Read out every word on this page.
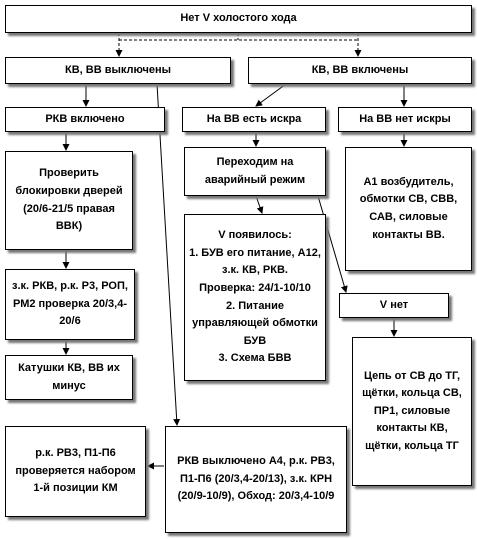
Нет V холостого хода
КВ, ВВ выключены	КВ, ВВ включены
РКВ включено	На ВВ есть искра	На ВВ нет искры
Проверить блокировки дверей (20/6-21/5 правая ВВК)
Переходим на аварийный режим	А1 возбудитель, обмотки СВ, СВВ, САВ, силовые контакты ВВ.
з.к. РКВ, р.к. Р3, РОП, РМ2 проверка 20/3,4-20/6
V появилось:
1. БУВ его питание, А12, з.к. КВ, РКВ.
Проверка: 24/1-10/10
2. Питание управляющей обмотки БУВ
3. Схема БВВ
V нет
Катушки КВ, ВВ их минус
Цепь от СВ до ТГ, щётки, кольца СВ, ПР1, силовые контакты КВ, щётки, кольца ТГ
р.к. РВ3, П1-П6 проверяется набором 1-й позиции КМ
РКВ выключено А4, р.к. РВ3, П1-П6 (20/3,4-20/13), з.к. КРН (20/9-10/9), Обход: 20/3,4-10/9
